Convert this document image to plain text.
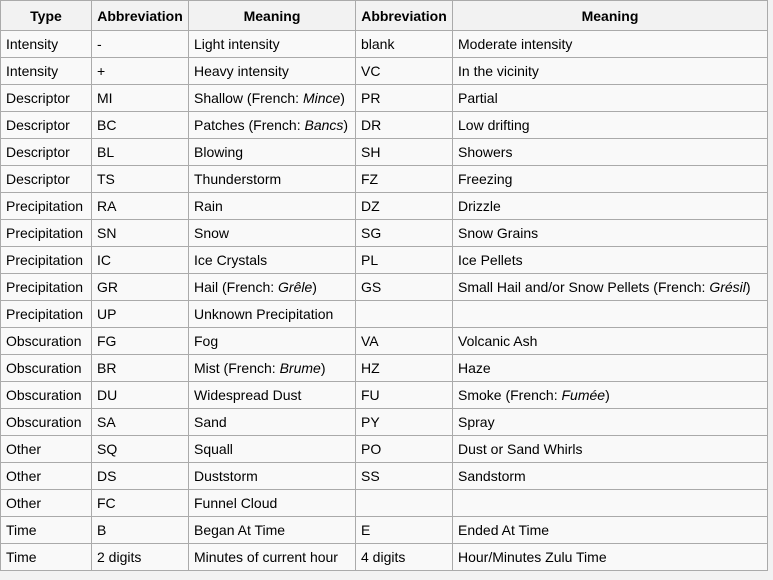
Type	Abbreviation	Meaning	Abbreviation	Meaning
Intensity	-	Light intensity	blank	Moderate intensity
Intensity	+	Heavy intensity	VC	In the vicinity
Descriptor	MI	Shallow (French: Mince)	PR	Partial
Descriptor	BC	Patches (French: Bancs)	DR	Low drifting
Descriptor	BL	Blowing	SH	Showers
Descriptor	TS	Thunderstorm	FZ	Freezing
Precipitation	RA	Rain	DZ	Drizzle
Precipitation	SN	Snow	SG	Snow Grains
Precipitation	IC	Ice Crystals	PL	Ice Pellets
Precipitation	GR	Hail (French: Grêle)	GS	Small Hail and/or Snow Pellets (French: Grésil)
Precipitation	UP	Unknown Precipitation		
Obscuration	FG	Fog	VA	Volcanic Ash
Obscuration	BR	Mist (French: Brume)	HZ	Haze
Obscuration	DU	Widespread Dust	FU	Smoke (French: Fumée)
Obscuration	SA	Sand	PY	Spray
Other	SQ	Squall	PO	Dust or Sand Whirls
Other	DS	Duststorm	SS	Sandstorm
Other	FC	Funnel Cloud		
Time	B	Began At Time	E	Ended At Time
Time	2 digits	Minutes of current hour	4 digits	Hour/Minutes Zulu Time
